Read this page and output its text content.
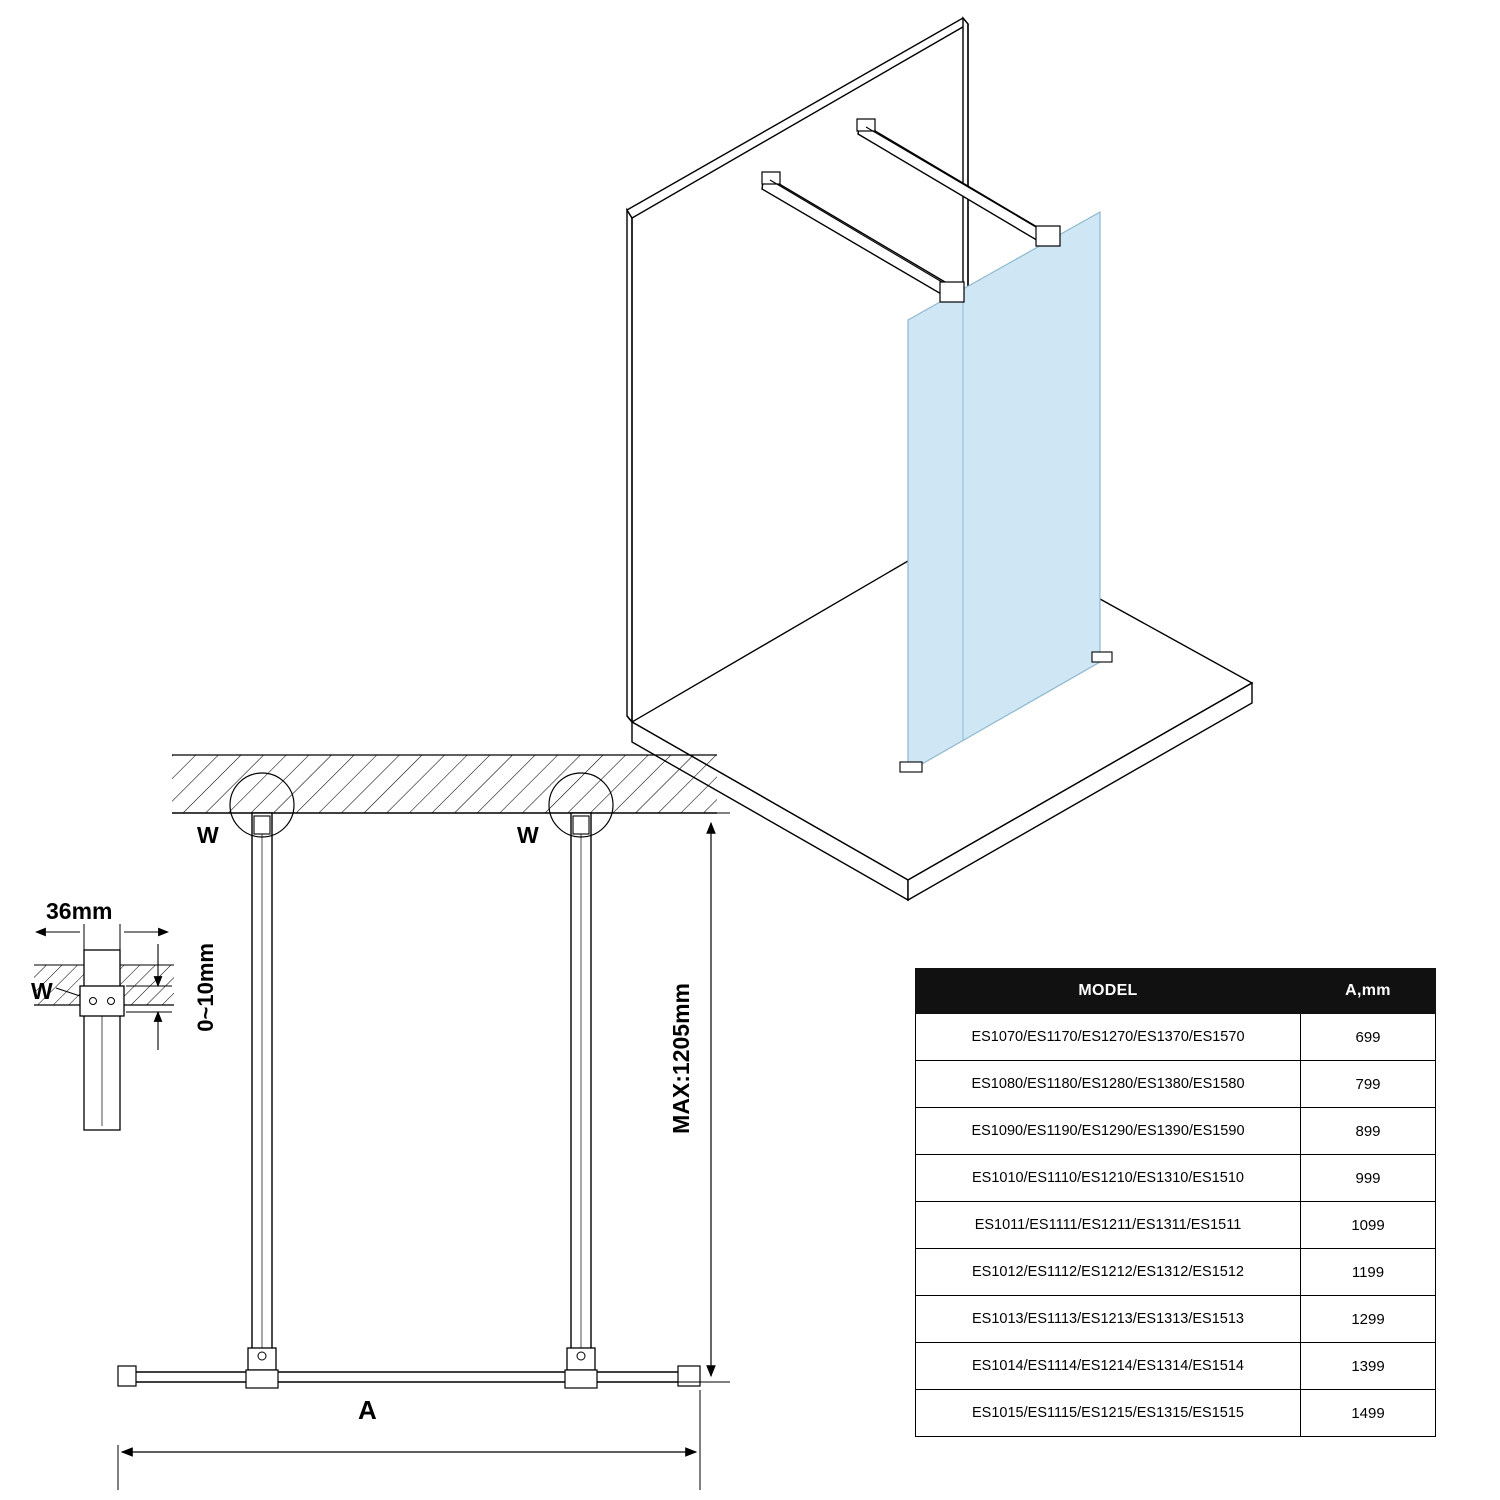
36mm
0~10mm	MAX:1205mm
A
W	W
W	MODEL	A,mm
ES1070/ES1170/ES1270/ES1370/ES1570	699
ES1080/ES1180/ES1280/ES1380/ES1580	799
ES1090/ES1190/ES1290/ES1390/ES1590	899
ES1010/ES1110/ES1210/ES1310/ES1510	999
ES1011/ES1111/ES1211/ES1311/ES1511	1099
ES1012/ES1112/ES1212/ES1312/ES1512	1199
ES1013/ES1113/ES1213/ES1313/ES1513	1299
ES1014/ES1114/ES1214/ES1314/ES1514	1399
ES1015/ES1115/ES1215/ES1315/ES1515	1499
